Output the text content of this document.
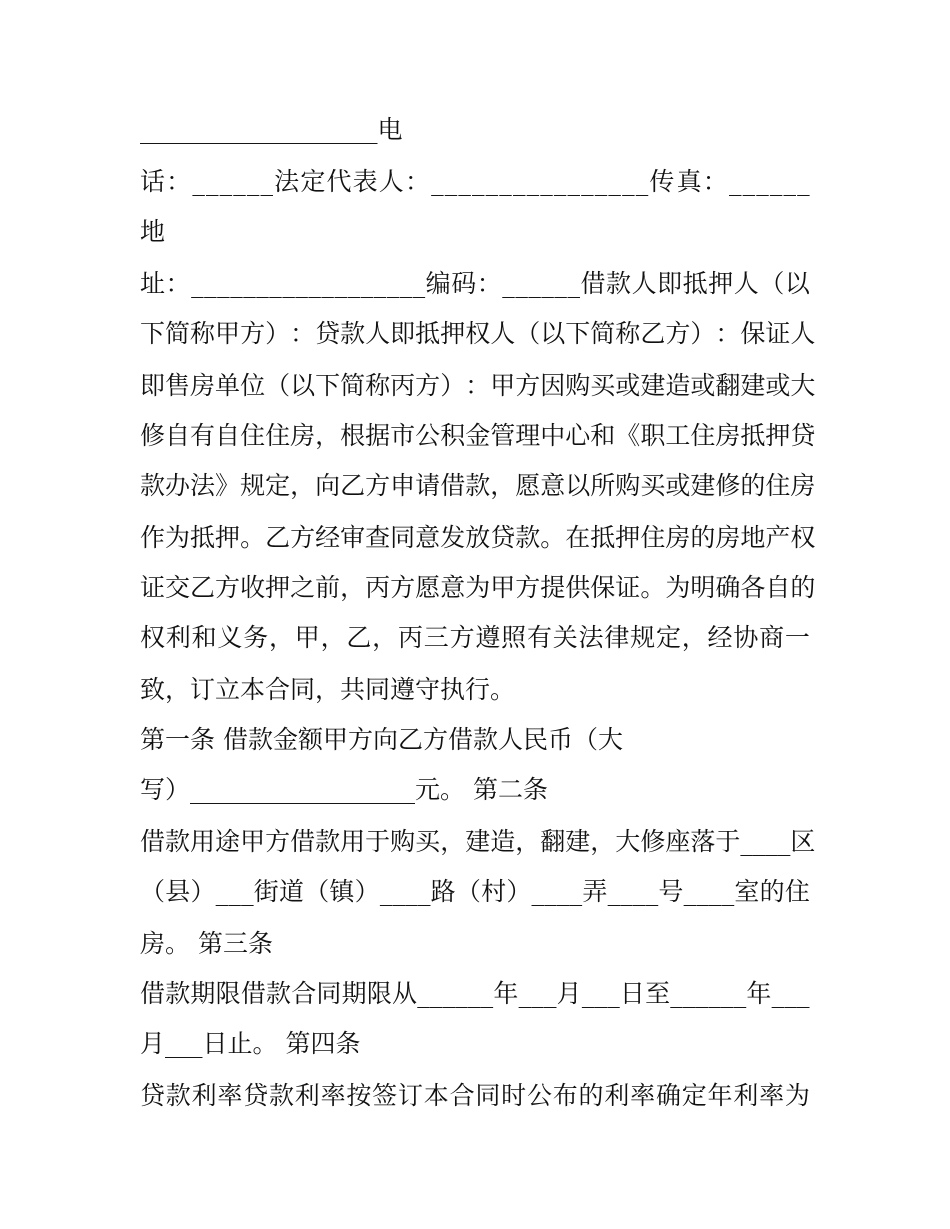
___________________电
话 ： _ _ _ _ _ _ 法 定 代 表 人 ： _ _ _ _ _ _ _ _ _ _ _ _ _ _ _ _ 传 真 ： _ _ _ _ _ _
地
址 ： _ _ _ _ _ _ _ _ _ _ _ _ _ _ _ _ _ _ 编 码 ： _ _ _ _ _ _ 借 款 人 即 抵 押 人 （ 以
下 简 称 甲 方 ） ： 贷 款 人 即 抵 押 权 人 （ 以 下 简 称 乙 方 ） ： 保 证 人
即 售 房 单 位 （ 以 下 简 称 丙 方 ） ： 甲 方 因 购 买 或 建 造 或 翻 建 或 大
修 自 有 自 住 住 房 ， 根 据 市 公 积 金 管 理 中 心 和 《 职 工 住 房 抵 押 贷
款 办 法 》 规 定 ， 向 乙 方 申 请 借 款 ， 愿 意 以 所 购 买 或 建 修 的 住 房
作 为 抵 押 。 乙 方 经 审 查 同 意 发 放 贷 款 。 在 抵 押 住 房 的 房 地 产 权
证 交 乙 方 收 押 之 前 ， 丙 方 愿 意 为 甲 方 提 供 保 证 。 为 明 确 各 自 的
权 利 和 义 务 ， 甲 ， 乙 ， 丙 三 方 遵 照 有 关 法 律 规 定 ， 经 协 商 一
致，订立本合同，共同遵守执行。
第一条 借款金额甲方向乙方借款人民币（大
写）__________________元。 第二条
借 款 用 途 甲 方 借 款 用 于 购 买 ， 建 造 ， 翻 建 ， 大 修 座 落 于 _ _ _ _ 区
（ 县 ） _ _ _ 街 道 （ 镇 ） _ _ _ _ 路 （ 村 ） _ _ _ _ 弄 _ _ _ _ 号 _ _ _ _ 室 的 住
房。 第三条
借 款 期 限 借 款 合 同 期 限 从 _ _ _ _ _ _ 年 _ _ _ 月 _ _ _ 日 至 _ _ _ _ _ _ 年 _ _ _
月___日止。 第四条
贷 款 利 率 贷 款 利 率 按 签 订 本 合 同 时 公 布 的 利 率 确 定 年 利 率 为
